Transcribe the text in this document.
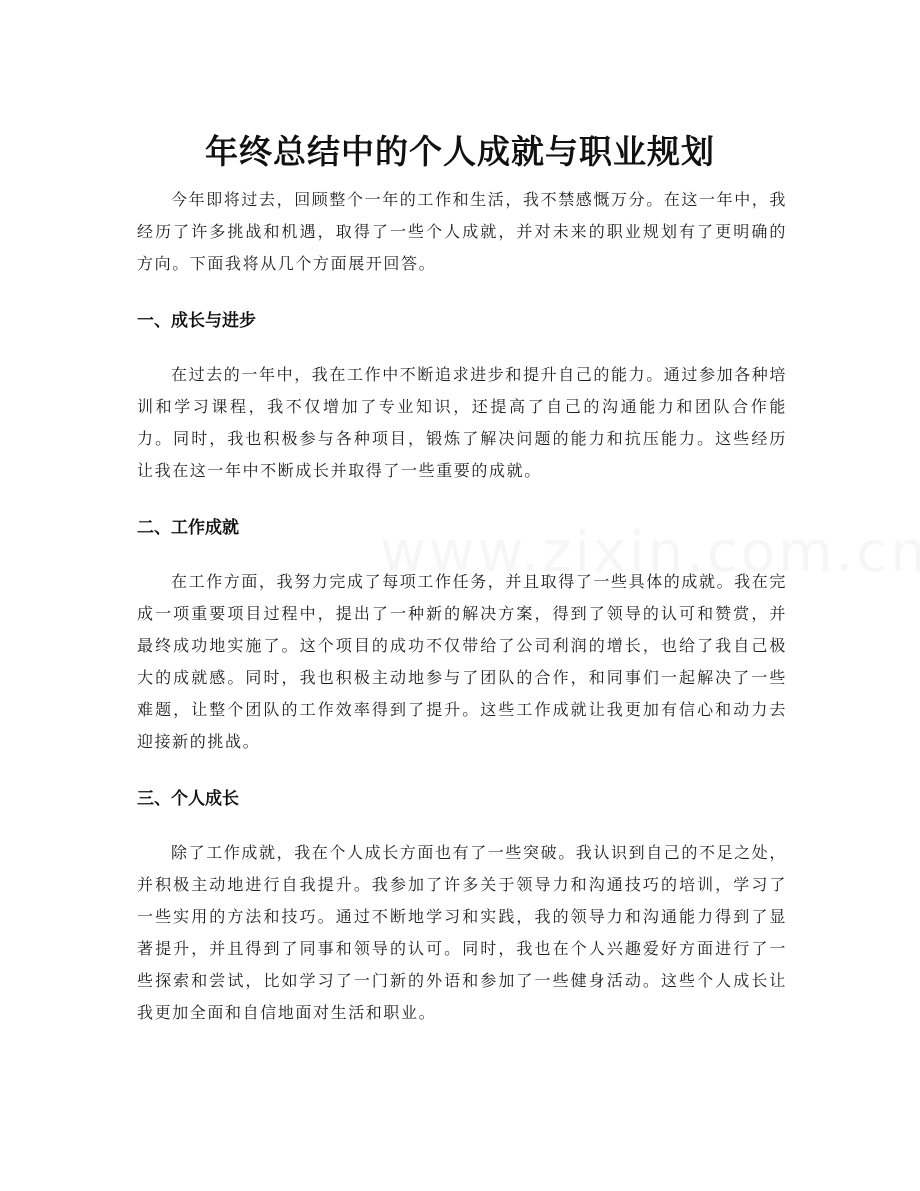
年终总结中的个人成就与职业规划

今年即将过去，回顾整个一年的工作和生活，我不禁感慨万分。在这一年中，我经历了许多挑战和机遇，取得了一些个人成就，并对未来的职业规划有了更明确的方向。下面我将从几个方面展开回答。

一、成长与进步

在过去的一年中，我在工作中不断追求进步和提升自己的能力。通过参加各种培训和学习课程，我不仅增加了专业知识，还提高了自己的沟通能力和团队合作能力。同时，我也积极参与各种项目，锻炼了解决问题的能力和抗压能力。这些经历让我在这一年中不断成长并取得了一些重要的成就。

二、工作成就

在工作方面，我努力完成了每项工作任务，并且取得了一些具体的成就。我在完成一项重要项目过程中，提出了一种新的解决方案，得到了领导的认可和赞赏，并最终成功地实施了。这个项目的成功不仅带给了公司利润的增长，也给了我自己极大的成就感。同时，我也积极主动地参与了团队的合作，和同事们一起解决了一些难题，让整个团队的工作效率得到了提升。这些工作成就让我更加有信心和动力去迎接新的挑战。

三、个人成长

除了工作成就，我在个人成长方面也有了一些突破。我认识到自己的不足之处，并积极主动地进行自我提升。我参加了许多关于领导力和沟通技巧的培训，学习了一些实用的方法和技巧。通过不断地学习和实践，我的领导力和沟通能力得到了显著提升，并且得到了同事和领导的认可。同时，我也在个人兴趣爱好方面进行了一些探索和尝试，比如学习了一门新的外语和参加了一些健身活动。这些个人成长让我更加全面和自信地面对生活和职业。
